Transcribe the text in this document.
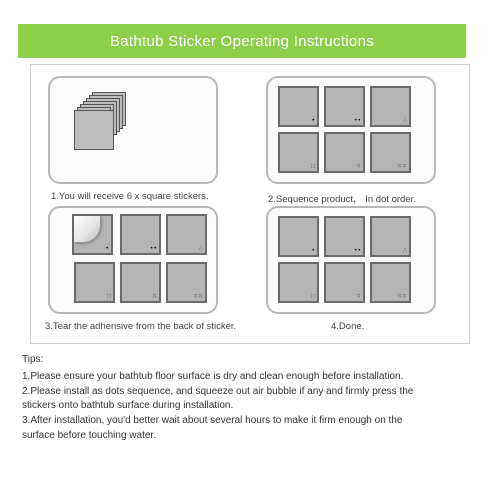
Bathtub Sticker Operating Instructions
1.You will receive 6 x square stickers.
•	••	∴
∷	⁙	⁙⁙
2.Sequence product， In dot order.
•	••	∴
∷	⁙	⁙⁙
3.Tear the adhensive from the back of sticker.
•	••	∴
∷	⁙	⁙⁙
4.Done.
Tips:
1.Please ensure your bathtub floor surface is dry and clean enough before installation.
2.Please install as dots sequence, and squeeze out air bubble if any and firmly press the
stickers onto bathtub surface during installation.
3.After installation, you'd better wait about several hours to make it firm enough on the
surface before touching water.
